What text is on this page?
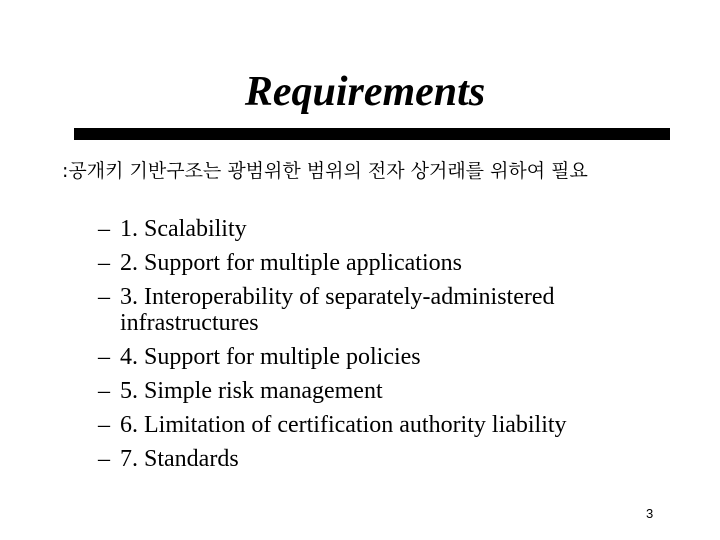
Requirements
:공개키 기반구조는 광범위한 범위의 전자 상거래를 위하여 필요
– 1. Scalability
– 2. Support for multiple applications
– 3. Interoperability of separately-administered infrastructures
– 4. Support for multiple policies
– 5. Simple risk management
– 6. Limitation of certification authority liability
– 7. Standards
3
